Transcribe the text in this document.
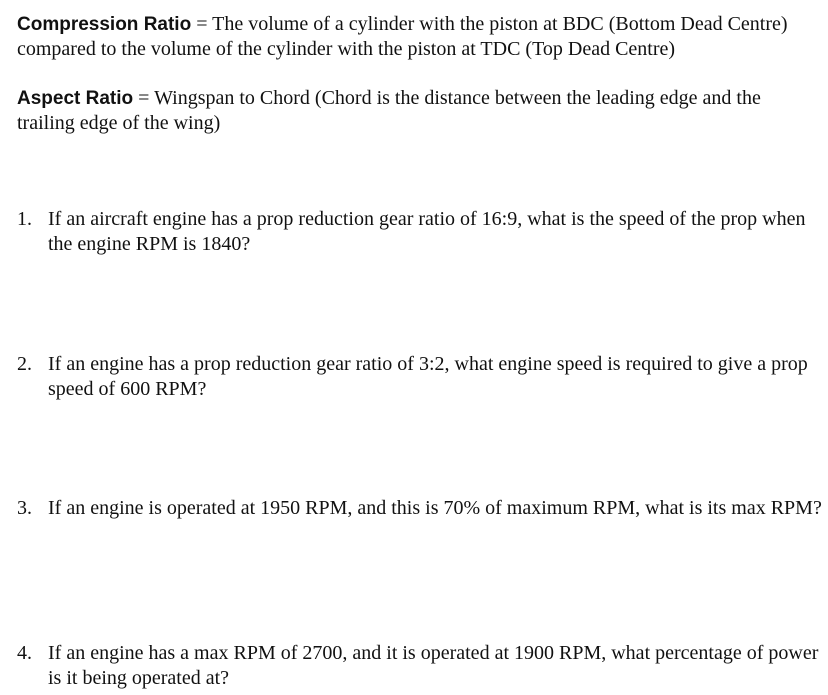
Compression Ratio = The volume of a cylinder with the piston at BDC (Bottom Dead Centre) compared to the volume of the cylinder with the piston at TDC (Top Dead Centre)

Aspect Ratio = Wingspan to Chord (Chord is the distance between the leading edge and the trailing edge of the wing)

1. If an aircraft engine has a prop reduction gear ratio of 16:9, what is the speed of the prop when the engine RPM is 1840?
2. If an engine has a prop reduction gear ratio of 3:2, what engine speed is required to give a prop speed of 600 RPM?
3. If an engine is operated at 1950 RPM, and this is 70% of maximum RPM, what is its max RPM?
4. If an engine has a max RPM of 2700, and it is operated at 1900 RPM, what percentage of power is it being operated at?
